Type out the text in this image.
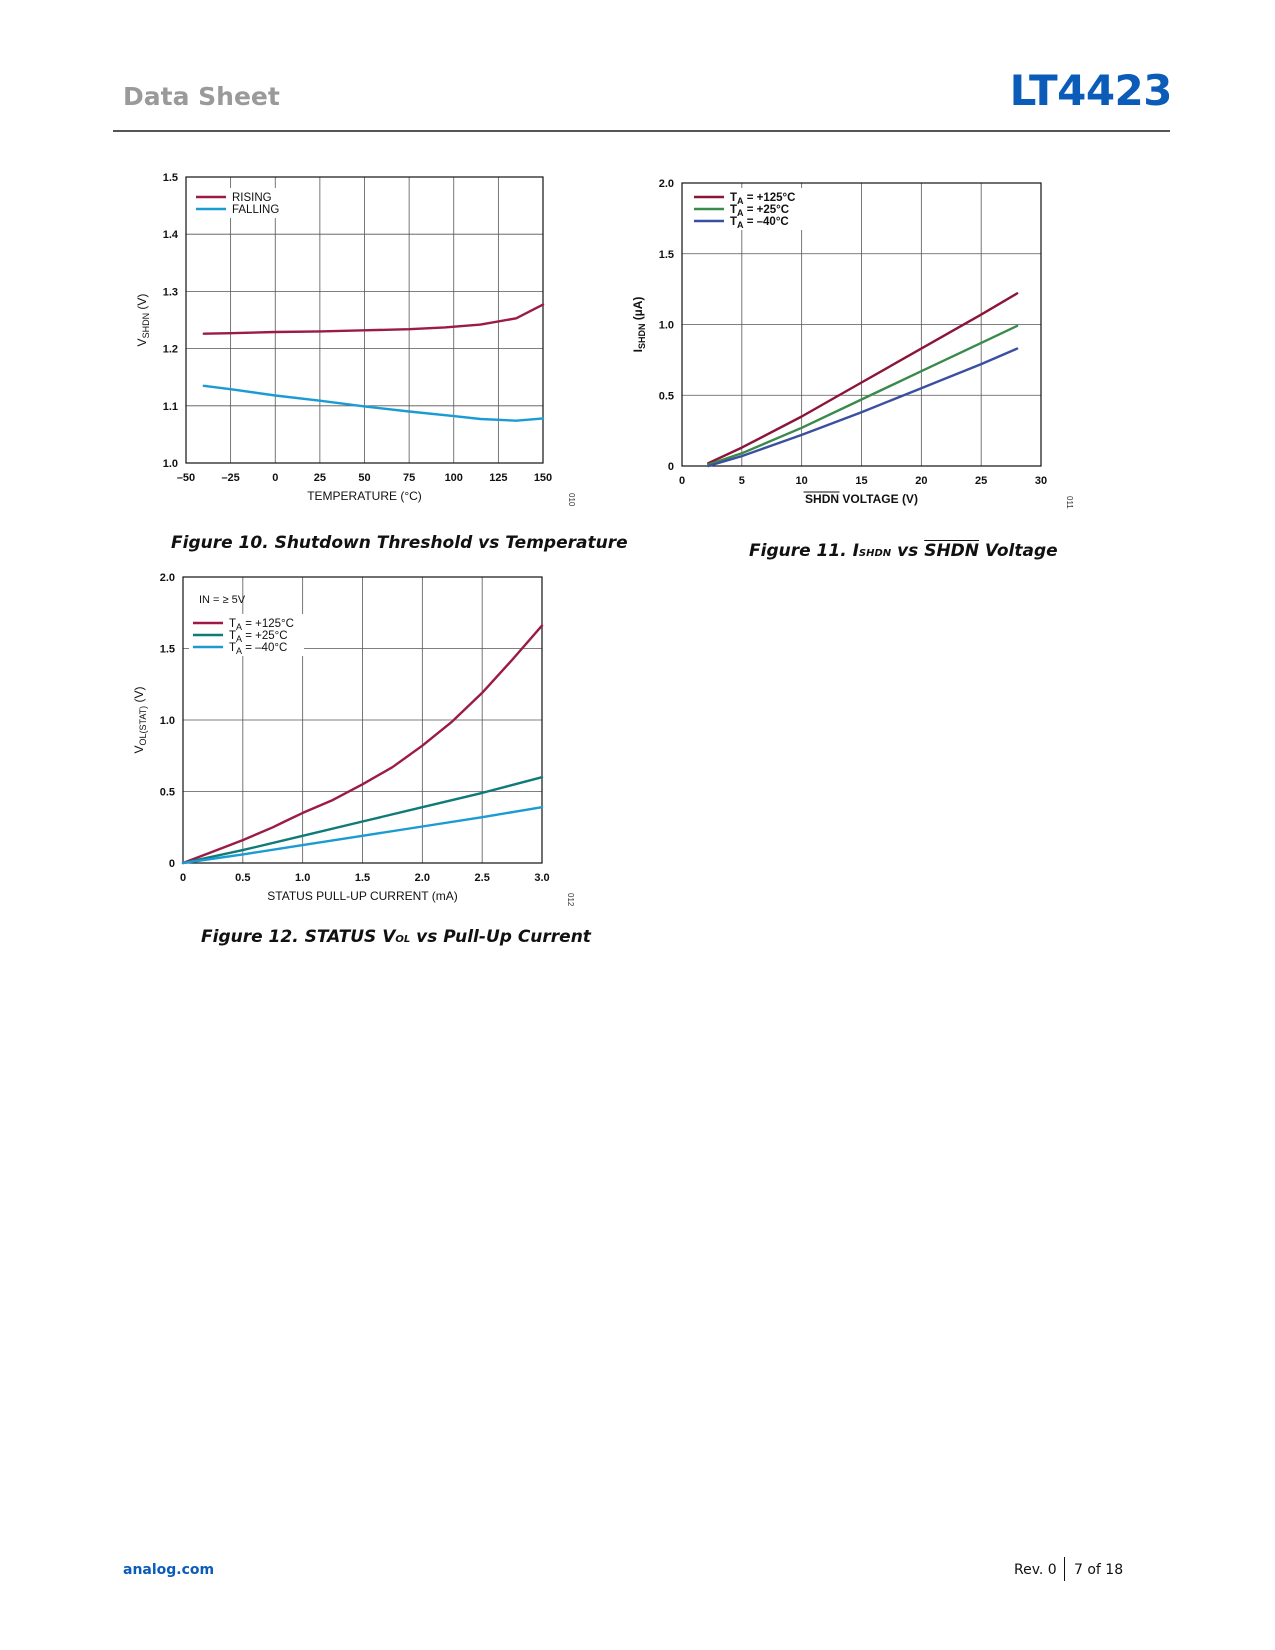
Data Sheet	LT4423
–50 –25	0	25	50	75	100 125 150
1.0
1.1
1.2
1.3
1.4
1.5
TEMPERATURE (°C)
$V_{SHDN}$ (V)
RISING
FALLING
010
Figure 10. Shutdown Threshold vs Temperature
0	5	10	15	20	25	30
0
0.5
1.0
1.5
2.0
SHDN VOLTAGE (V)
$I_{SHDN}$ (µA)
$T_A = +125^\circ C$
$T_A = +25^\circ C$
$T_A = -40^\circ C$
011
Figure 11. ISHDN vs SHDN Voltage
0	0.5	1.0	1.5	2.0	2.5	3.0
0
0.5
1.0
1.5
2.0
STATUS PULL-UP CURRENT (mA)
$V_{OL(STAT)}$ (V)
IN = ≥ 5V
$T_A = +125^\circ C$
$T_A = +25^\circ C$
$T_A = -40^\circ C$
012
Figure 12. STATUS VOL vs Pull-Up Current
analog.com	Rev. 0 7 of 18
